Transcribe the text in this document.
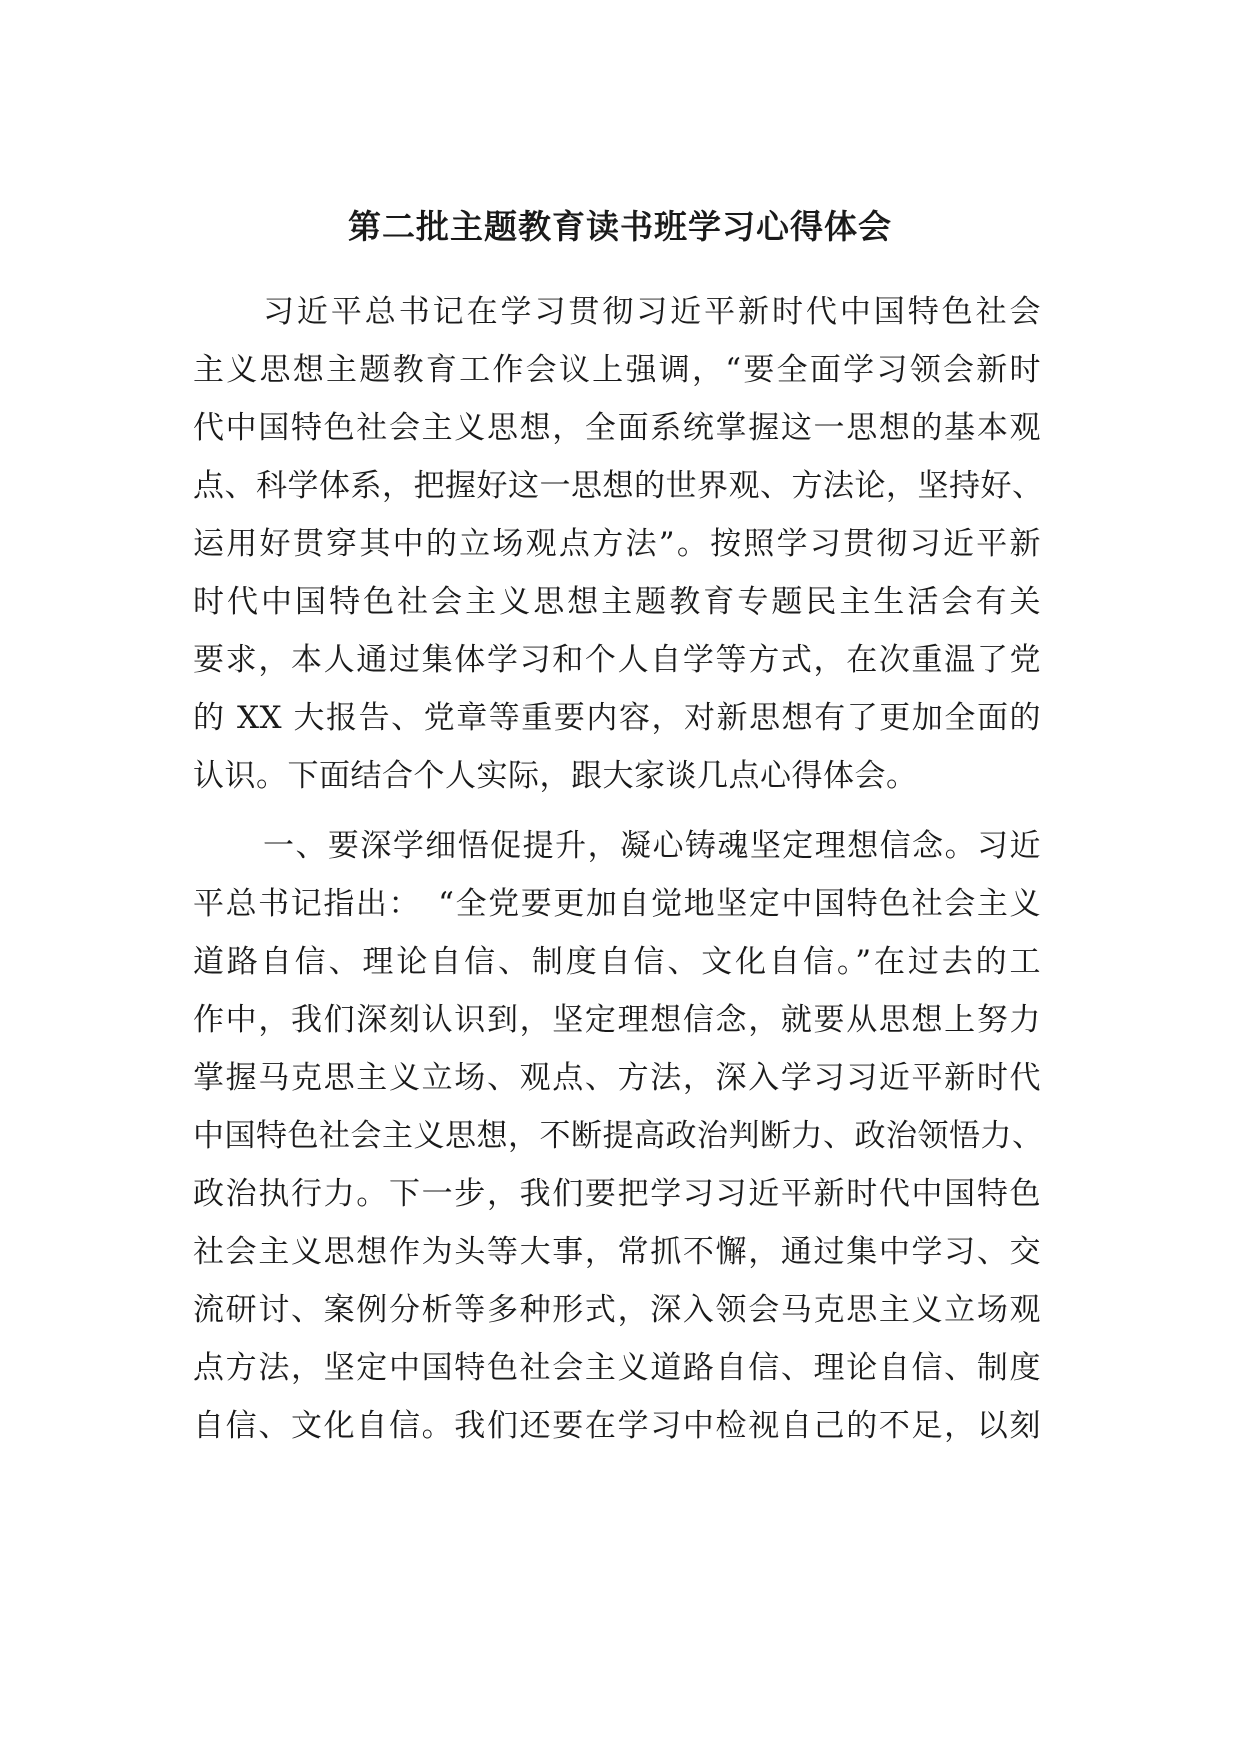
第二批主题教育读书班学习心得体会
习近平总书记在学习贯彻习近平新时代中国特色社会
主义思想主题教育工作会议上强调，“要全面学习领会新时
代中国特色社会主义思想，全面系统掌握这一思想的基本观
点、科学体系，把握好这一思想的世界观、方法论，坚持好、
运用好贯穿其中的立场观点方法”。按照学习贯彻习近平新
时代中国特色社会主义思想主题教育专题民主生活会有关
要求，本人通过集体学习和个人自学等方式，在次重温了党
的 XX 大报告、党章等重要内容，对新思想有了更加全面的
认识。下面结合个人实际，跟大家谈几点心得体会。
一、要深学细悟促提升，凝心铸魂坚定理想信念。习近
平总书记指出：　“全党要更加自觉地坚定中国特色社会主义
道路自信、理论自信、制度自信、文化自信。”在过去的工
作中，我们深刻认识到，坚定理想信念，就要从思想上努力
掌握马克思主义立场、观点、方法，深入学习习近平新时代
中国特色社会主义思想，不断提高政治判断力、政治领悟力、
政治执行力。下一步，我们要把学习习近平新时代中国特色
社会主义思想作为头等大事，常抓不懈，通过集中学习、交
流研讨、案例分析等多种形式，深入领会马克思主义立场观
点方法，坚定中国特色社会主义道路自信、理论自信、制度
自信、文化自信。我们还要在学习中检视自己的不足，以刻
